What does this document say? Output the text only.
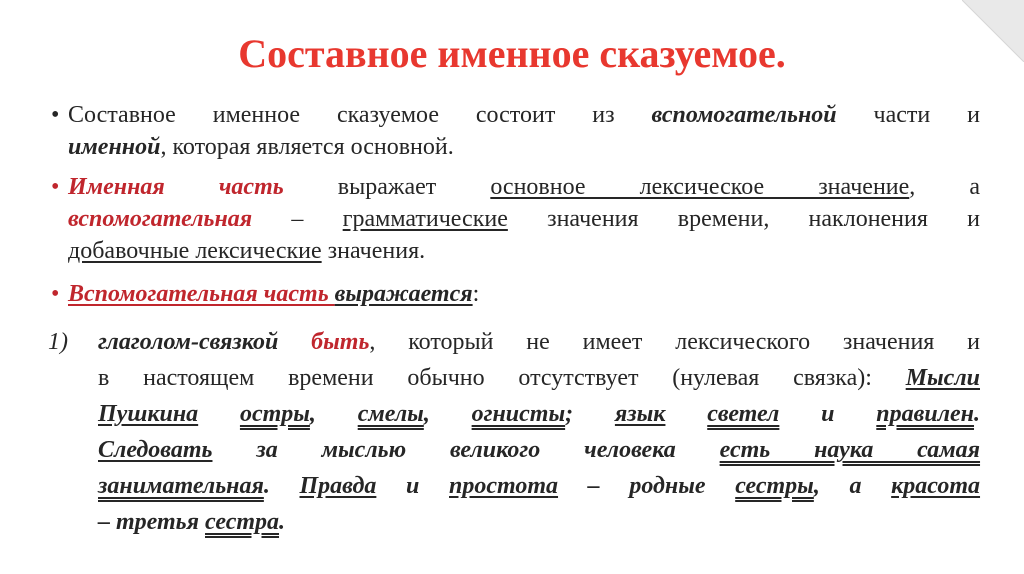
Составное именное сказуемое.
• Составное именное сказуемое состоит из вспомогательной части и
именной, которая является основной.
• Именная часть выражает основное лексическое значение, а
вспомогательная – грамматические значения времени, наклонения и
добавочные лексические значения.
• Вспомогательная часть выражается:
1) глаголом-связкой быть, который не имеет лексического значения и
в настоящем времени обычно отсутствует (нулевая связка): Мысли
Пушкина остры, смелы, огнисты; язык светел и правилен.
Следовать за мыслью великого человека есть наука самая
занимательная. Правда и простота – родные сестры, а красота
– третья сестра.
